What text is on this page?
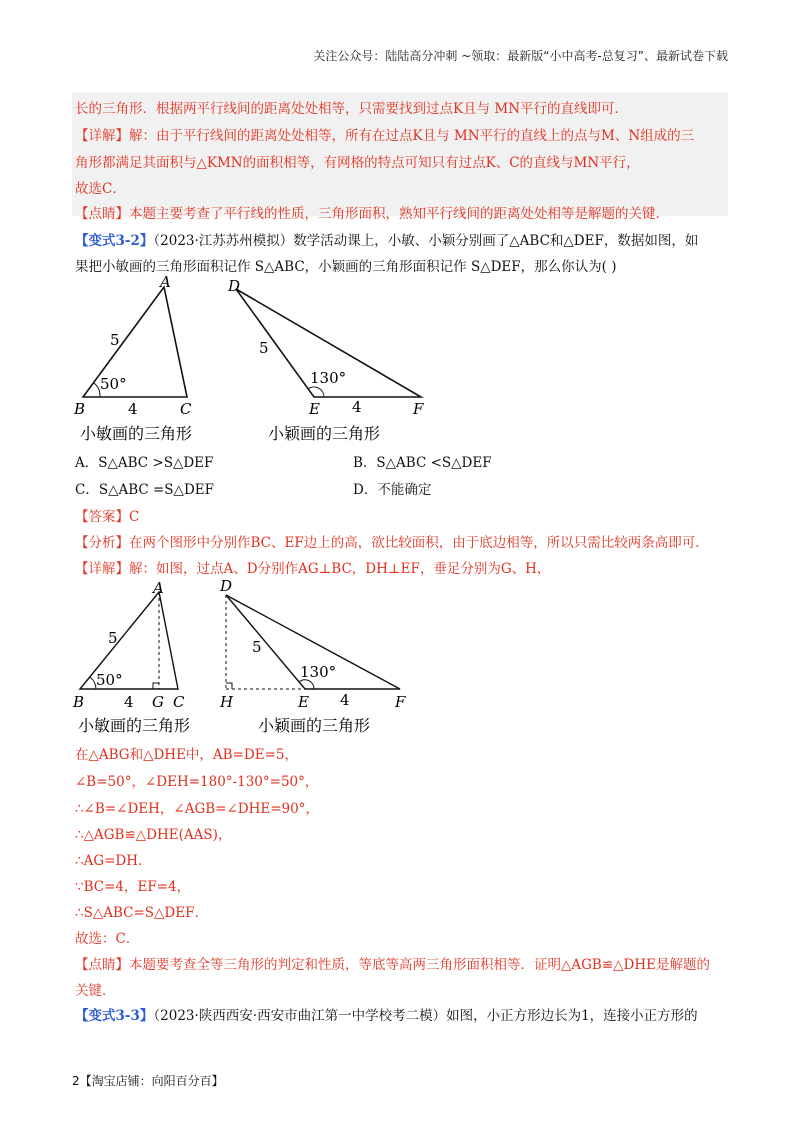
关注公众号：陆陆高分冲刺 ~领取：最新版“小中高考-总复习”、最新试卷下载
长的三角形．根据两平行线间的距离处处相等，只需要找到过点K且与 MN平行的直线即可．
【详解】解：由于平行线间的距离处处相等，所有在过点K且与 MN平行的直线上的点与M、N组成的三
角形都满足其面积与△KMN的面积相等，有网格的特点可知只有过点K、C的直线与MN平行，
故选C．
【点睛】本题主要考查了平行线的性质，三角形面积，熟知平行线间的距离处处相等是解题的关键．
【变式3-2】（2023·江苏苏州模拟）数学活动课上，小敏、小颖分别画了△ABC和△DEF，数据如图，如
果把小敏画的三角形面积记作 S△ABC，小颖画的三角形面积记作 S△DEF，那么你认为( )
A
B	C
5
4
50°
D
E	F
5
4
130°
小敏画的三角形	小颖画的三角形
A．S△ABC >S△DEF	B．S△ABC <S△DEF
C．S△ABC =S△DEF	D．不能确定
【答案】C
【分析】在两个图形中分别作BC、EF边上的高，欲比较面积，由于底边相等，所以只需比较两条高即可．
【详解】解：如图，过点A、D分别作AG⊥BC，DH⊥EF，垂足分别为G、H，
A
B	G C
5
4
50°
D
H	E	F
5
4
130°
小敏画的三角形	小颖画的三角形
在△ABG和△DHE中，AB=DE=5，
∠B=50°，∠DEH=180°-130°=50°，
∴∠B=∠DEH，∠AGB=∠DHE=90°，
∴△AGB≌△DHE(AAS)，
∴AG=DH．
∵BC=4，EF=4，
∴S△ABC=S△DEF．
故选：C．
【点睛】本题要考查全等三角形的判定和性质，等底等高两三角形面积相等．证明△AGB≌△DHE是解题的
关键．
【变式3-3】（2023·陕西西安·西安市曲江第一中学校考二模）如图，小正方形边长为1，连接小正方形的
2【淘宝店铺：向阳百分百】
